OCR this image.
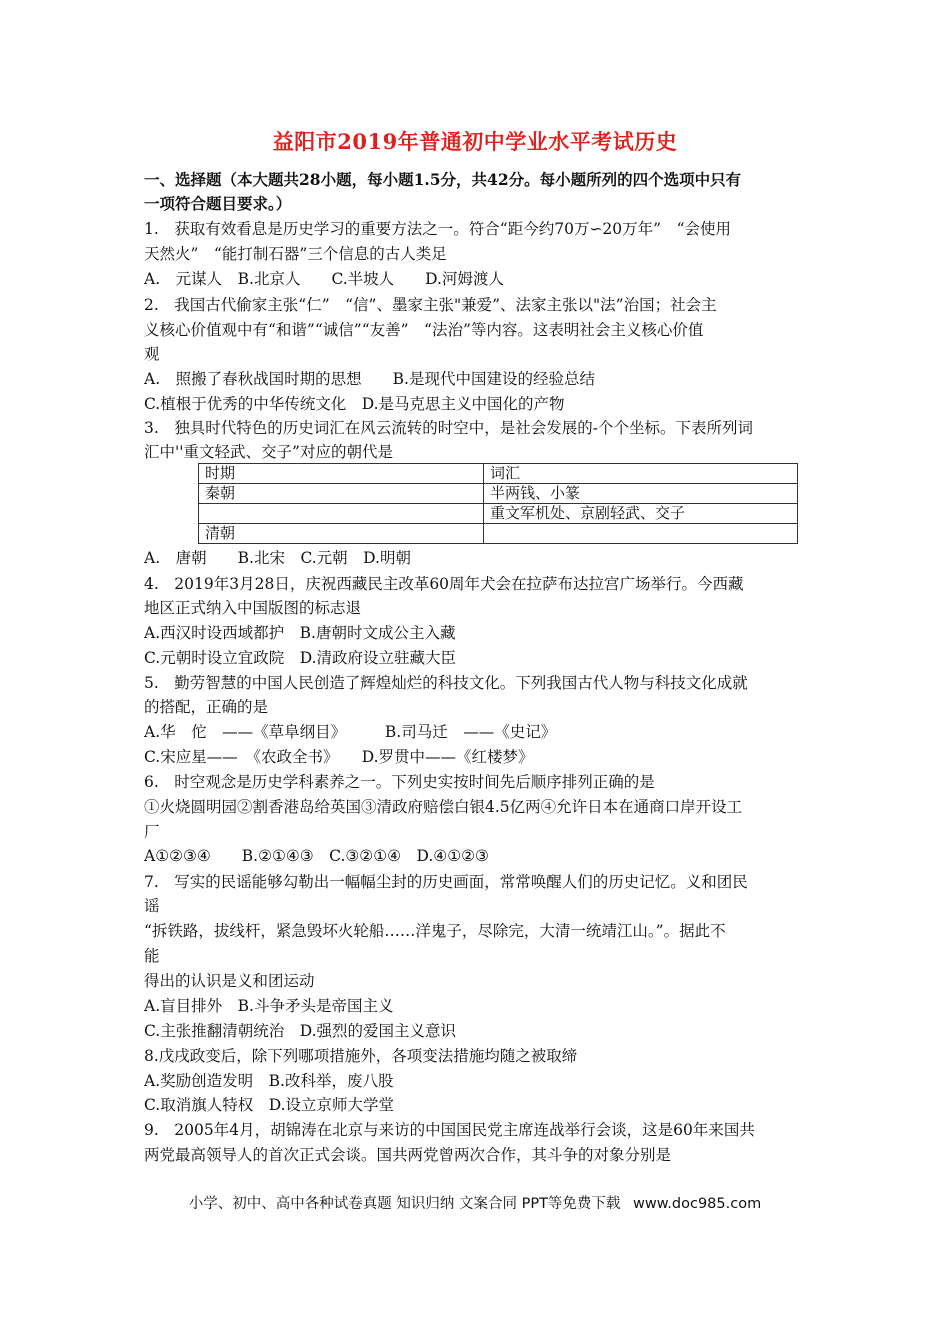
益阳市2019年普通初中学业水平考试历史
一、选择题（本大题共28小题，每小题1.5分，共42分。每小题所列的四个选项中只有
一项符合题目要求。）
1.　获取有效看息是历史学习的重要方法之一。符合“距今约70万∽20万年”　“会使用
天然火”　“能打制石器”三个信息的古人类足
A.　元谋人　B.北京人　　C.半坡人　　D.河姆渡人
2.　我国古代偷家主张“仁”　“信”、墨家主张"兼爱”、法家主张以"法”治国；社会主
义核心价值观中有“和谐”“诚信”“友善”　“法治”等内容。这表明社会主义核心价值
观
A.　照搬了春秋战国时期的思想　　B.是现代中国建设的经验总结
C.植根于优秀的中华传统文化　D.是马克思主义中国化的产物
3.　独具时代特色的历史词汇在风云流转的时空中，是社会发展的-个个坐标。下表所列词
汇中''重文轻武、交子”对应的朝代是
时期	词汇
秦朝	半两钱、小篆
	重文军机处、京剧轻武、交子
清朝	
A.　唐朝　　B.北宋　C.元朝　D.明朝
4.　2019年3月28日，庆祝西藏民主改革60周年犬会在拉萨布达拉宫广场举行。今西藏
地区正式纳入中国版图的标志退
A.西汉时设西域都护　B.唐朝时文成公主入藏
C.元朝时设立宜政院　D.清政府设立驻藏大臣
5.　勤劳智慧的中国人民创造了辉煌灿烂的科技文化。下列我国古代人物与科技文化成就
的搭配，正确的是
A.华　佗　——《草阜纲目》　　　B.司马迁　——《史记》
C.宋应星——　《农政全书》　　D.罗贯中——《红楼梦》
6.　时空观念是历史学科素养之一。下列史实按时间先后顺序排列正确的是
①火烧圆明园②割香港岛给英国③清政府赔偿白银4.5亿两④允许日本在通商口岸开设工
厂
A①②③④　　B.②①④③　C.③②①④　D.④①②③
7.　写实的民谣能够勾勒出一幅幅尘封的历史画面，常常唤醒人们的历史记忆。义和团民
谣
“拆铁路，拔线杆，紧急毁坏火轮船……洋鬼子，尽除完，大清一统靖江山。”。据此不
能
得出的认识是义和团运动
A.盲目排外　B.斗争矛头是帝国主义
C.主张推翻清朝统治　D.强烈的爱国主义意识
8.戊戌政变后，除下列哪项措施外，各项变法措施均随之被取缔
A.奖励创造发明　B.改科举，废八股
C.取消旗人特权　D.设立京师大学堂
9.　2005年4月，胡锦涛在北京与来访的中国国民党主席连战举行会谈，这是60年来国共
两党最高领导人的首次正式会谈。国共两党曾两次合作，其斗争的对象分别是
小学、初中、高中各种试卷真题 知识归纳 文案合同 PPT等免费下载 www.doc985.com
